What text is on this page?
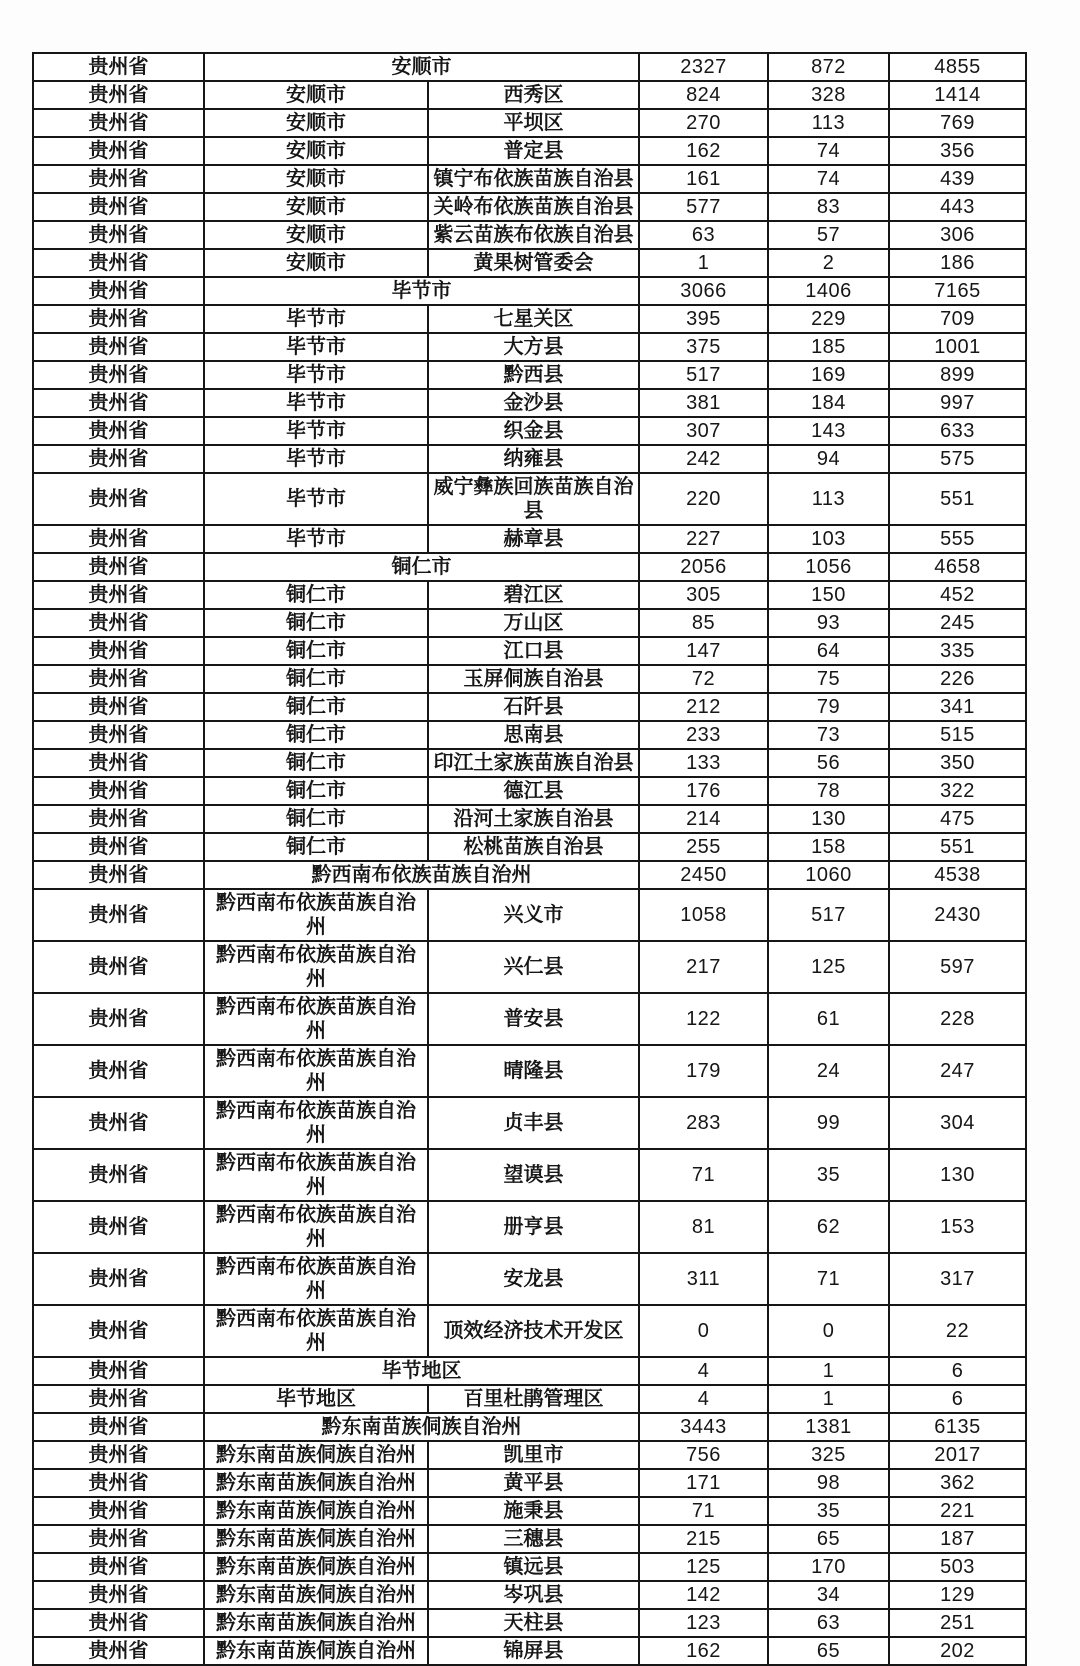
贵州省	安顺市		2327	872	4855
贵州省	安顺市	西秀区	824	328	1414
贵州省	安顺市	平坝区	270	113	769
贵州省	安顺市	普定县	162	74	356
贵州省	安顺市	镇宁布依族苗族自治县	161	74	439
贵州省	安顺市	关岭布依族苗族自治县	577	83	443
贵州省	安顺市	紫云苗族布依族自治县	63	57	306
贵州省	安顺市	黄果树管委会	1	2	186
贵州省	毕节市		3066	1406	7165
贵州省	毕节市	七星关区	395	229	709
贵州省	毕节市	大方县	375	185	1001
贵州省	毕节市	黔西县	517	169	899
贵州省	毕节市	金沙县	381	184	997
贵州省	毕节市	织金县	307	143	633
贵州省	毕节市	纳雍县	242	94	575
贵州省	毕节市	威宁彝族回族苗族自治县	220	113	551
贵州省	毕节市	赫章县	227	103	555
贵州省	铜仁市		2056	1056	4658
贵州省	铜仁市	碧江区	305	150	452
贵州省	铜仁市	万山区	85	93	245
贵州省	铜仁市	江口县	147	64	335
贵州省	铜仁市	玉屏侗族自治县	72	75	226
贵州省	铜仁市	石阡县	212	79	341
贵州省	铜仁市	思南县	233	73	515
贵州省	铜仁市	印江土家族苗族自治县	133	56	350
贵州省	铜仁市	德江县	176	78	322
贵州省	铜仁市	沿河土家族自治县	214	130	475
贵州省	铜仁市	松桃苗族自治县	255	158	551
贵州省	黔西南布依族苗族自治州		2450	1060	4538
贵州省	黔西南布依族苗族自治州	兴义市	1058	517	2430
贵州省	黔西南布依族苗族自治州	兴仁县	217	125	597
贵州省	黔西南布依族苗族自治州	普安县	122	61	228
贵州省	黔西南布依族苗族自治州	晴隆县	179	24	247
贵州省	黔西南布依族苗族自治州	贞丰县	283	99	304
贵州省	黔西南布依族苗族自治州	望谟县	71	35	130
贵州省	黔西南布依族苗族自治州	册亨县	81	62	153
贵州省	黔西南布依族苗族自治州	安龙县	311	71	317
贵州省	黔西南布依族苗族自治州	顶效经济技术开发区	0	0	22
贵州省	毕节地区		4	1	6
贵州省	毕节地区	百里杜鹃管理区	4	1	6
贵州省	黔东南苗族侗族自治州		3443	1381	6135
贵州省	黔东南苗族侗族自治州	凯里市	756	325	2017
贵州省	黔东南苗族侗族自治州	黄平县	171	98	362
贵州省	黔东南苗族侗族自治州	施秉县	71	35	221
贵州省	黔东南苗族侗族自治州	三穗县	215	65	187
贵州省	黔东南苗族侗族自治州	镇远县	125	170	503
贵州省	黔东南苗族侗族自治州	岑巩县	142	34	129
贵州省	黔东南苗族侗族自治州	天柱县	123	63	251
贵州省	黔东南苗族侗族自治州	锦屏县	162	65	202
